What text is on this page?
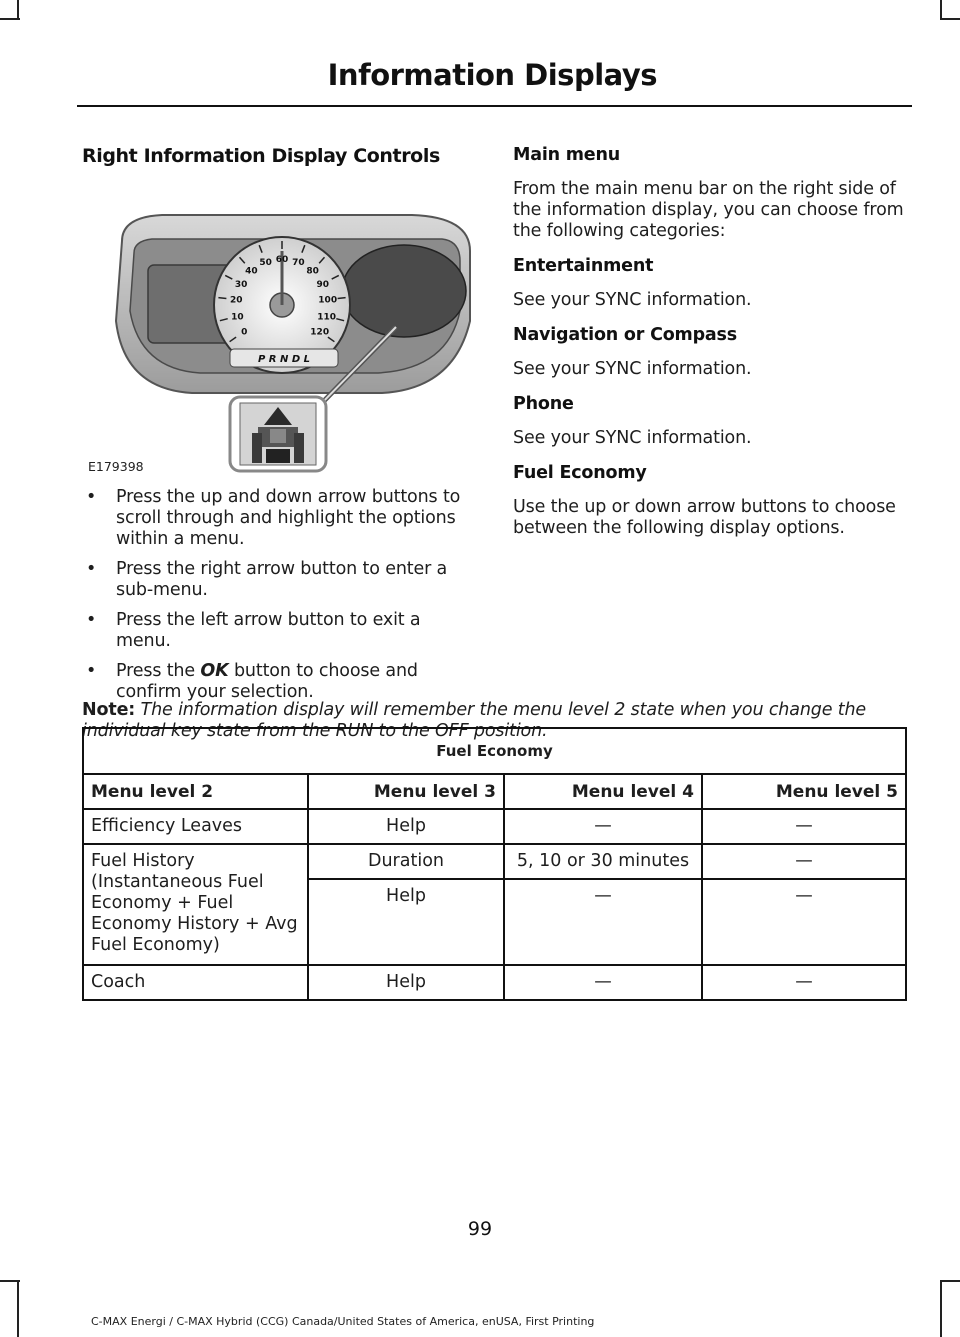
Information Displays
Right Information Display Controls
0
10
20
30
40
50 60 70
80
90
100
110
120
P R N D L
E179398
• Press the up and down arrow buttons to scroll through and highlight the options within a menu.
• Press the right arrow button to enter a sub-menu.
• Press the left arrow button to exit a menu.
• Press the OK button to choose and confirm your selection.
Main menu

From the main menu bar on the right side of the information display, you can choose from the following categories:

Entertainment

See your SYNC information.

Navigation or Compass

See your SYNC information.

Phone

See your SYNC information.

Fuel Economy

Use the up or down arrow buttons to choose between the following display options.

Note: The information display will remember the menu level 2 state when you change the individual key state from the RUN to the OFF position.
Fuel Economy			
Menu level 2	Menu level 3	Menu level 4	Menu level 5
Efficiency Leaves	Help	—	—
Fuel History (Instantaneous Fuel Economy + Fuel Economy History + Avg Fuel Economy)	Duration	5, 10 or 30 minutes	—
	Help	—	—
Coach	Help	—	—
99
C-MAX Energi / C-MAX Hybrid (CCG) Canada/United States of America, enUSA, First Printing
